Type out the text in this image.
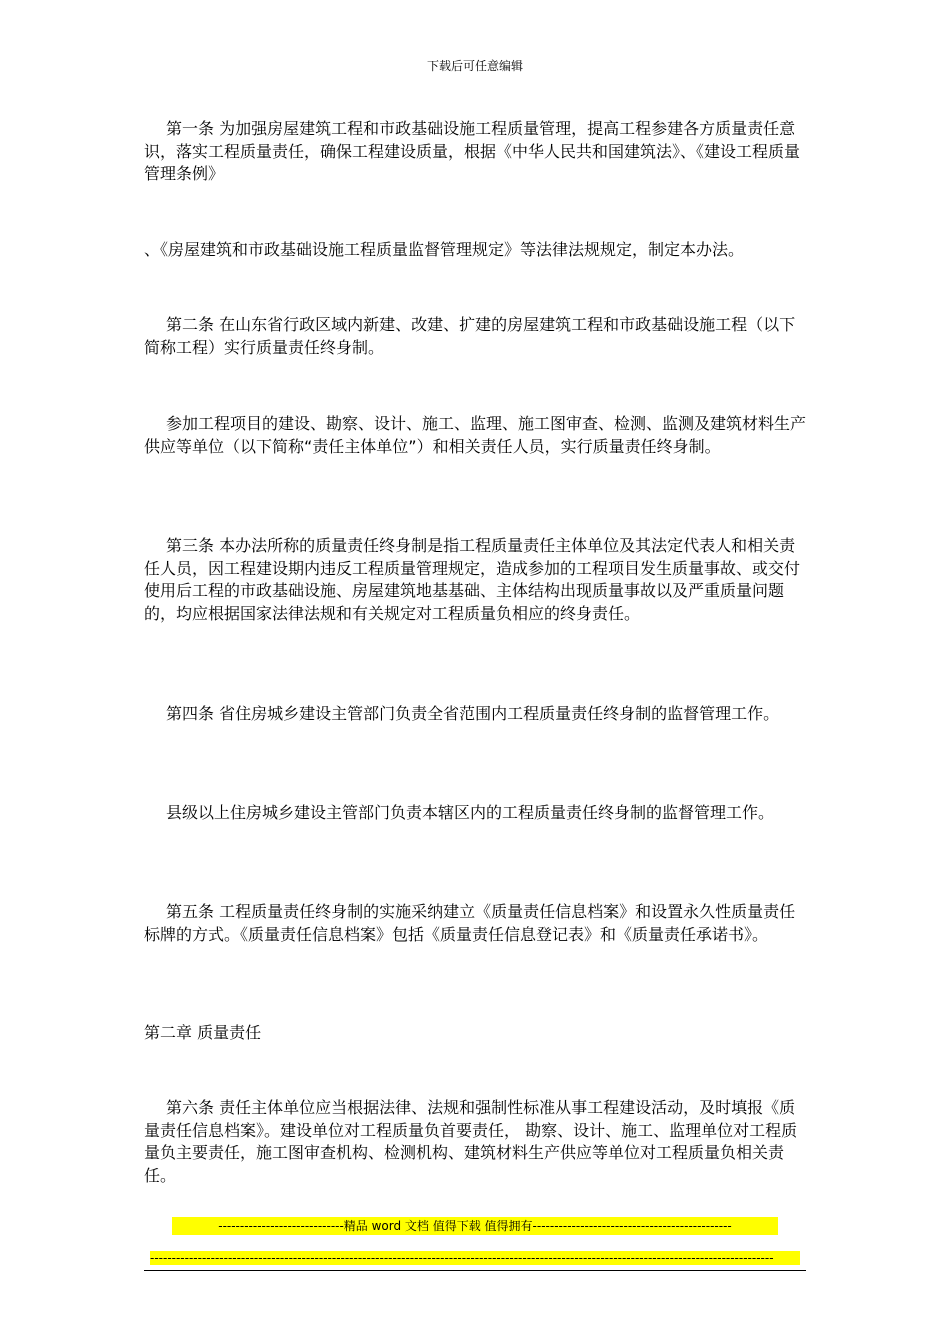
下载后可任意编辑

第一条 为加强房屋建筑工程和市政基础设施工程质量管理，提高工程参建各方质量责任意识，落实工程质量责任，确保工程建设质量，根据《中华人民共和国建筑法》、《建设工程质量管理条例》

、《房屋建筑和市政基础设施工程质量监督管理规定》等法律法规规定，制定本办法。

第二条 在山东省行政区域内新建、改建、扩建的房屋建筑工程和市政基础设施工程（以下简称工程）实行质量责任终身制。

参加工程项目的建设、勘察、设计、施工、监理、施工图审查、检测、监测及建筑材料生产供应等单位（以下简称“责任主体单位”）和相关责任人员，实行质量责任终身制。

第三条 本办法所称的质量责任终身制是指工程质量责任主体单位及其法定代表人和相关责任人员，因工程建设期内违反工程质量管理规定，造成参加的工程项目发生质量事故、或交付使用后工程的市政基础设施、房屋建筑地基基础、主体结构出现质量事故以及严重质量问题的，均应根据国家法律法规和有关规定对工程质量负相应的终身责任。

第四条 省住房城乡建设主管部门负责全省范围内工程质量责任终身制的监督管理工作。

县级以上住房城乡建设主管部门负责本辖区内的工程质量责任终身制的监督管理工作。

第五条 工程质量责任终身制的实施采纳建立《质量责任信息档案》和设置永久性质量责任标牌的方式。《质量责任信息档案》包括《质量责任信息登记表》和《质量责任承诺书》。

第二章 质量责任

第六条 责任主体单位应当根据法律、法规和强制性标准从事工程建设活动，及时填报《质量责任信息档案》。建设单位对工程质量负首要责任， 勘察、设计、施工、监理单位对工程质量负主要责任，施工图审查机构、检测机构、建筑材料生产供应等单位对工程质量负相关责任。

-----------------------------精品 word 文档 值得下载 值得拥有----------------------------------------------
------------------------------------------------------------------------------------------------------------------------------------------------
